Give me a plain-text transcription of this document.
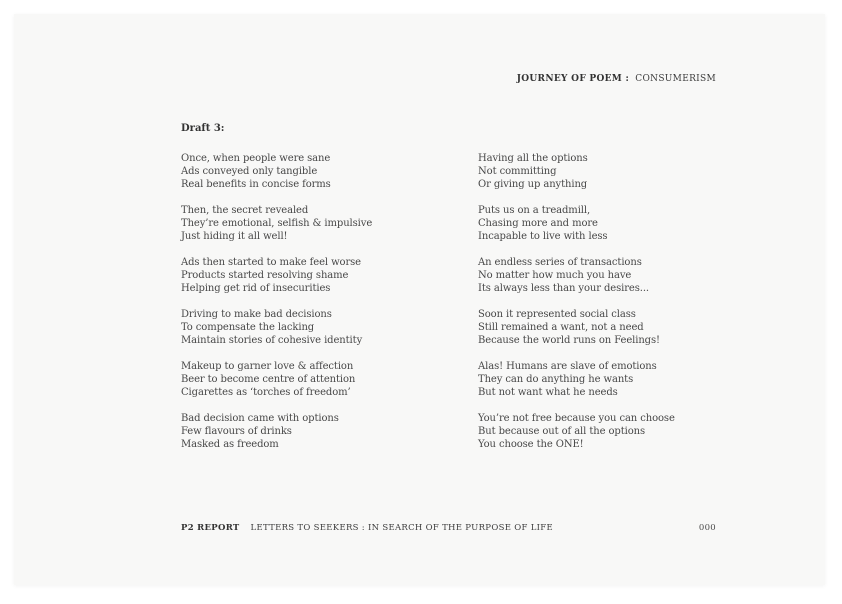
JOURNEY OF POEM : CONSUMERISM
Draft 3:
Once, when people were sane
Ads conveyed only tangible
Real benefits in concise forms
Then, the secret revealed
They’re emotional, selfish & impulsive
Just hiding it all well!
Ads then started to make feel worse
Products started resolving shame
Helping get rid of insecurities
Driving to make bad decisions
To compensate the lacking
Maintain stories of cohesive identity
Makeup to garner love & affection
Beer to become centre of attention
Cigarettes as ‘torches of freedom’
Bad decision came with options
Few flavours of drinks
Masked as freedom
Having all the options
Not committing
Or giving up anything
Puts us on a treadmill,
Chasing more and more
Incapable to live with less
An endless series of transactions
No matter how much you have
Its always less than your desires...
Soon it represented social class
Still remained a want, not a need
Because the world runs on Feelings!
Alas! Humans are slave of emotions
They can do anything he wants
But not want what he needs
You’re not free because you can choose
But because out of all the options
You choose the ONE!
P2 REPORT LETTERS TO SEEKERS : IN SEARCH OF THE PURPOSE OF LIFE	000
